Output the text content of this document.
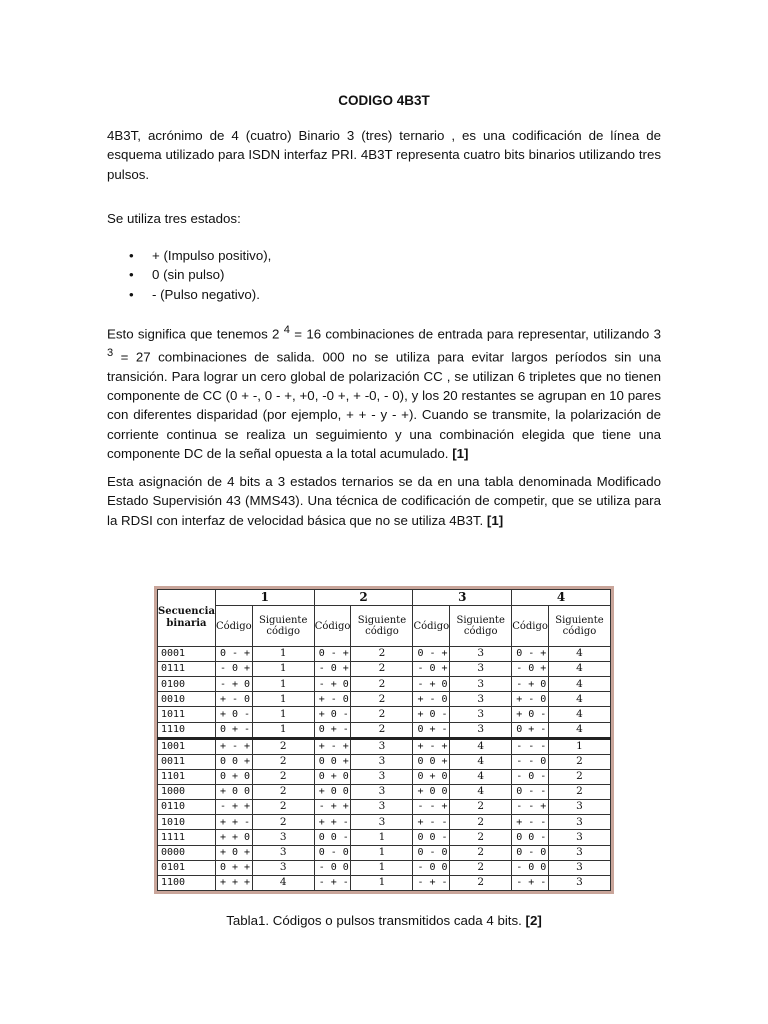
CODIGO 4B3T

4B3T, acrónimo de 4 (cuatro) Binario 3 (tres) ternario , es una codificación de línea de esquema utilizado para ISDN interfaz PRI. 4B3T representa cuatro bits binarios utilizando tres pulsos.

Se utiliza tres estados:

• + (Impulso positivo),
• 0 (sin pulso)
• - (Pulso negativo).

Esto significa que tenemos 2 $^4$ = 16 combinaciones de entrada para representar, utilizando 3 $^3$ = 27 combinaciones de salida. 000 no se utiliza para evitar largos períodos sin una transición. Para lograr un cero global de polarización CC , se utilizan 6 tripletes que no tienen componente de CC (0 + -, 0 - +, +0, -0 +, + -0, - 0), y los 20 restantes se agrupan en 10 pares con diferentes disparidad (por ejemplo, + + - y - +). Cuando se transmite, la polarización de corriente continua se realiza un seguimiento y una combinación elegida que tiene una componente DC de la señal opuesta a la total acumulado. [1]

Esta asignación de 4 bits a 3 estados ternarios se da en una tabla denominada Modificado Estado Supervisión 43 (MMS43). Una técnica de codificación de competir, que se utiliza para la RDSI con interfaz de velocidad básica que no se utiliza 4B3T. [1]

Secuencia binaria	1		2		3		4	
	Código	Siguiente código	Código	Siguiente código	Código	Siguiente código	Código	Siguiente código
0001	0 - +	1	0 - +	2	0 - +	3	0 - +	4
0111	- 0 +	1	- 0 +	2	- 0 +	3	- 0 +	4
0100	- + 0	1	- + 0	2	- + 0	3	- + 0	4
0010	+ - 0	1	+ - 0	2	+ - 0	3	+ - 0	4
1011	+ 0 -	1	+ 0 -	2	+ 0 -	3	+ 0 -	4
1110	0 + -	1	0 + -	2	0 + -	3	0 + -	4
1001	+ - +	2	+ - +	3	+ - +	4	- - -	1
0011	0 0 +	2	0 0 +	3	0 0 +	4	- - 0	2
1101	0 + 0	2	0 + 0	3	0 + 0	4	- 0 -	2
1000	+ 0 0	2	+ 0 0	3	+ 0 0	4	0 - -	2
0110	- + +	2	- + +	3	- - +	2	- - +	3
1010	+ + -	2	+ + -	3	+ - -	2	+ - -	3
1111	+ + 0	3	0 0 -	1	0 0 -	2	0 0 -	3
0000	+ 0 +	3	0 - 0	1	0 - 0	2	0 - 0	3
0101	0 + +	3	- 0 0	1	- 0 0	2	- 0 0	3
1100	+ + +	4	- + -	1	- + -	2	- + -	3
Tabla1. Códigos o pulsos transmitidos cada 4 bits. [2]
